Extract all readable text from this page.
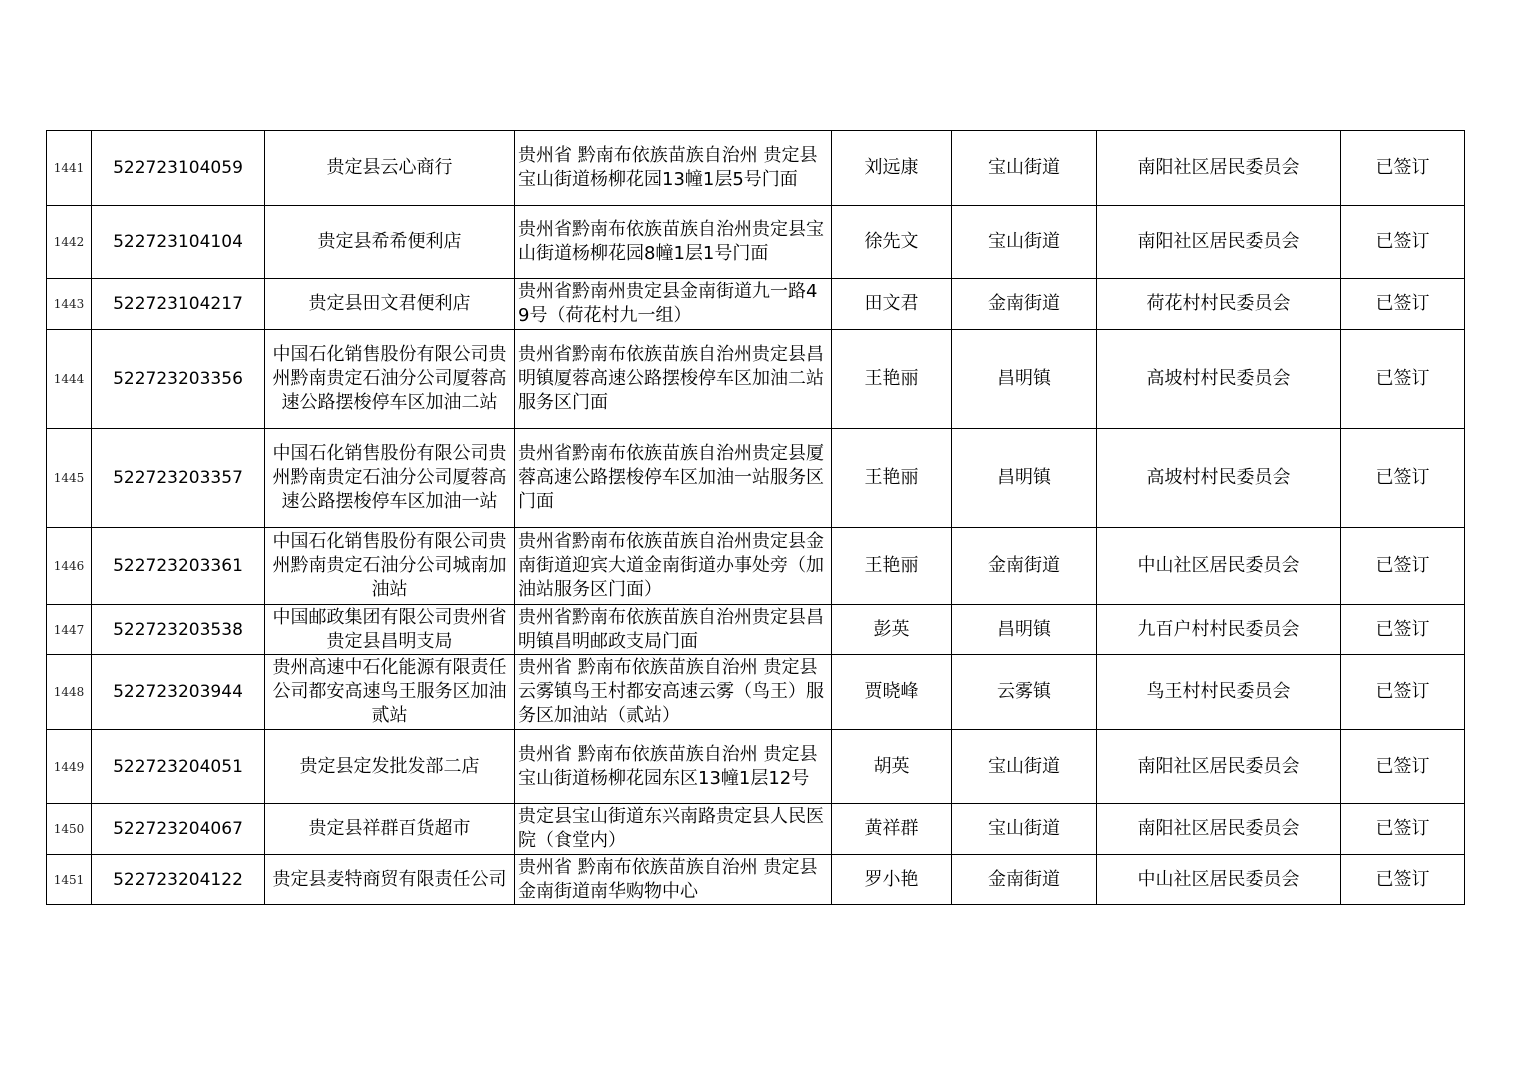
1441	522723104059	贵定县云心商行	贵州省 黔南布依族苗族自治州 贵定县宝山街道杨柳花园13幢1层5号门面	刘远康	宝山街道	南阳社区居民委员会	已签订
1442	522723104104	贵定县希希便利店	贵州省黔南布依族苗族自治州贵定县宝山街道杨柳花园8幢1层1号门面	徐先文	宝山街道	南阳社区居民委员会	已签订
1443	522723104217	贵定县田文君便利店	贵州省黔南州贵定县金南街道九一路49号（荷花村九一组）	田文君	金南街道	荷花村村民委员会	已签订
1444	522723203356	中国石化销售股份有限公司贵州黔南贵定石油分公司厦蓉高速公路摆梭停车区加油二站	贵州省黔南布依族苗族自治州贵定县昌明镇厦蓉高速公路摆梭停车区加油二站服务区门面	王艳丽	昌明镇	高坡村村民委员会	已签订
1445	522723203357	中国石化销售股份有限公司贵州黔南贵定石油分公司厦蓉高速公路摆梭停车区加油一站	贵州省黔南布依族苗族自治州贵定县厦蓉高速公路摆梭停车区加油一站服务区门面	王艳丽	昌明镇	高坡村村民委员会	已签订
1446	522723203361	中国石化销售股份有限公司贵州黔南贵定石油分公司城南加油站	贵州省黔南布依族苗族自治州贵定县金南街道迎宾大道金南街道办事处旁（加油站服务区门面）	王艳丽	金南街道	中山社区居民委员会	已签订
1447	522723203538	中国邮政集团有限公司贵州省贵定县昌明支局	贵州省黔南布依族苗族自治州贵定县昌明镇昌明邮政支局门面	彭英	昌明镇	九百户村村民委员会	已签订
1448	522723203944	贵州高速中石化能源有限责任公司都安高速鸟王服务区加油贰站	贵州省 黔南布依族苗族自治州 贵定县云雾镇鸟王村都安高速云雾（鸟王）服务区加油站（贰站）	贾晓峰	云雾镇	鸟王村村民委员会	已签订
1449	522723204051	贵定县定发批发部二店	贵州省 黔南布依族苗族自治州 贵定县宝山街道杨柳花园东区13幢1层12号	胡英	宝山街道	南阳社区居民委员会	已签订
1450	522723204067	贵定县祥群百货超市	贵定县宝山街道东兴南路贵定县人民医院（食堂内）	黄祥群	宝山街道	南阳社区居民委员会	已签订
1451	522723204122	贵定县麦特商贸有限责任公司	贵州省 黔南布依族苗族自治州 贵定县金南街道南华购物中心	罗小艳	金南街道	中山社区居民委员会	已签订
